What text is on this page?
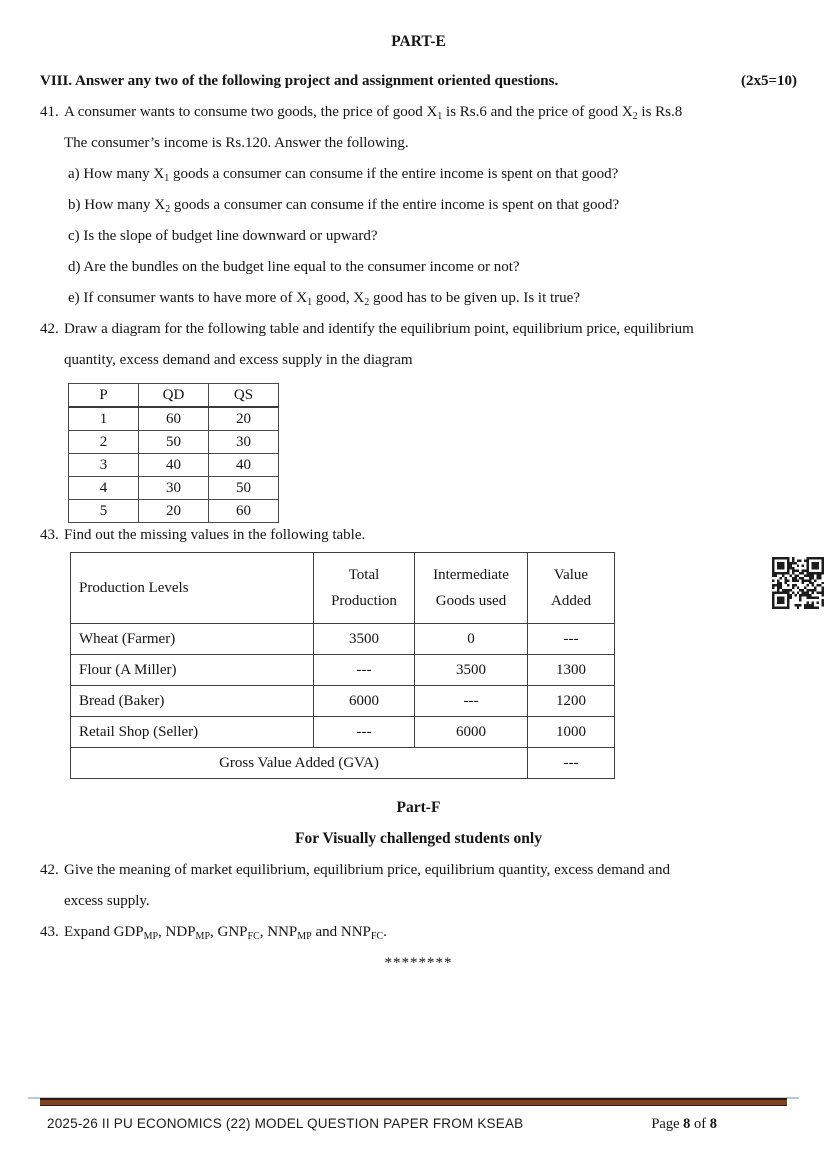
PART-E

VIII. Answer any two of the following project and assignment oriented questions.	(2x5=10)
41. A consumer wants to consume two goods, the price of good $X_1$ is Rs.6 and the price of good $X_2$ is Rs.8

The consumer’s income is Rs.120. Answer the following.

a) How many $X_1$ goods a consumer can consume if the entire income is spent on that good?

b) How many $X_2$ goods a consumer can consume if the entire income is spent on that good?

c) Is the slope of budget line downward or upward?

d) Are the bundles on the budget line equal to the consumer income or not?

e) If consumer wants to have more of $X_1$ good, $X_2$ good has to be given up. Is it true?

42. Draw a diagram for the following table and identify the equilibrium point, equilibrium price, equilibrium

quantity, excess demand and excess supply in the diagram

P	QD	QS
1	60	20
2	50	30
3	40	40
4	30	50
5	20	60
43. Find out the missing values in the following table.
Production Levels	Total Production	Intermediate Goods used	Value Added
Wheat (Farmer)	3500	0	---
Flour (A Miller)	---	3500	1300
Bread (Baker)	6000	---	1200
Retail Shop (Seller)	---	6000	1000
Gross Value Added (GVA)			---

Part-F

For Visually challenged students only

42. Give the meaning of market equilibrium, equilibrium price, equilibrium quantity, excess demand and

excess supply.

43. Expand $GDP_{MP}$, $NDP_{MP}$, $GNP_{FC}$, $NNP_{MP}$ and $NNP_{FC}$.

********

2025-26 II PU ECONOMICS (22) MODEL QUESTION PAPER FROM KSEAB	Page 8 of 8
